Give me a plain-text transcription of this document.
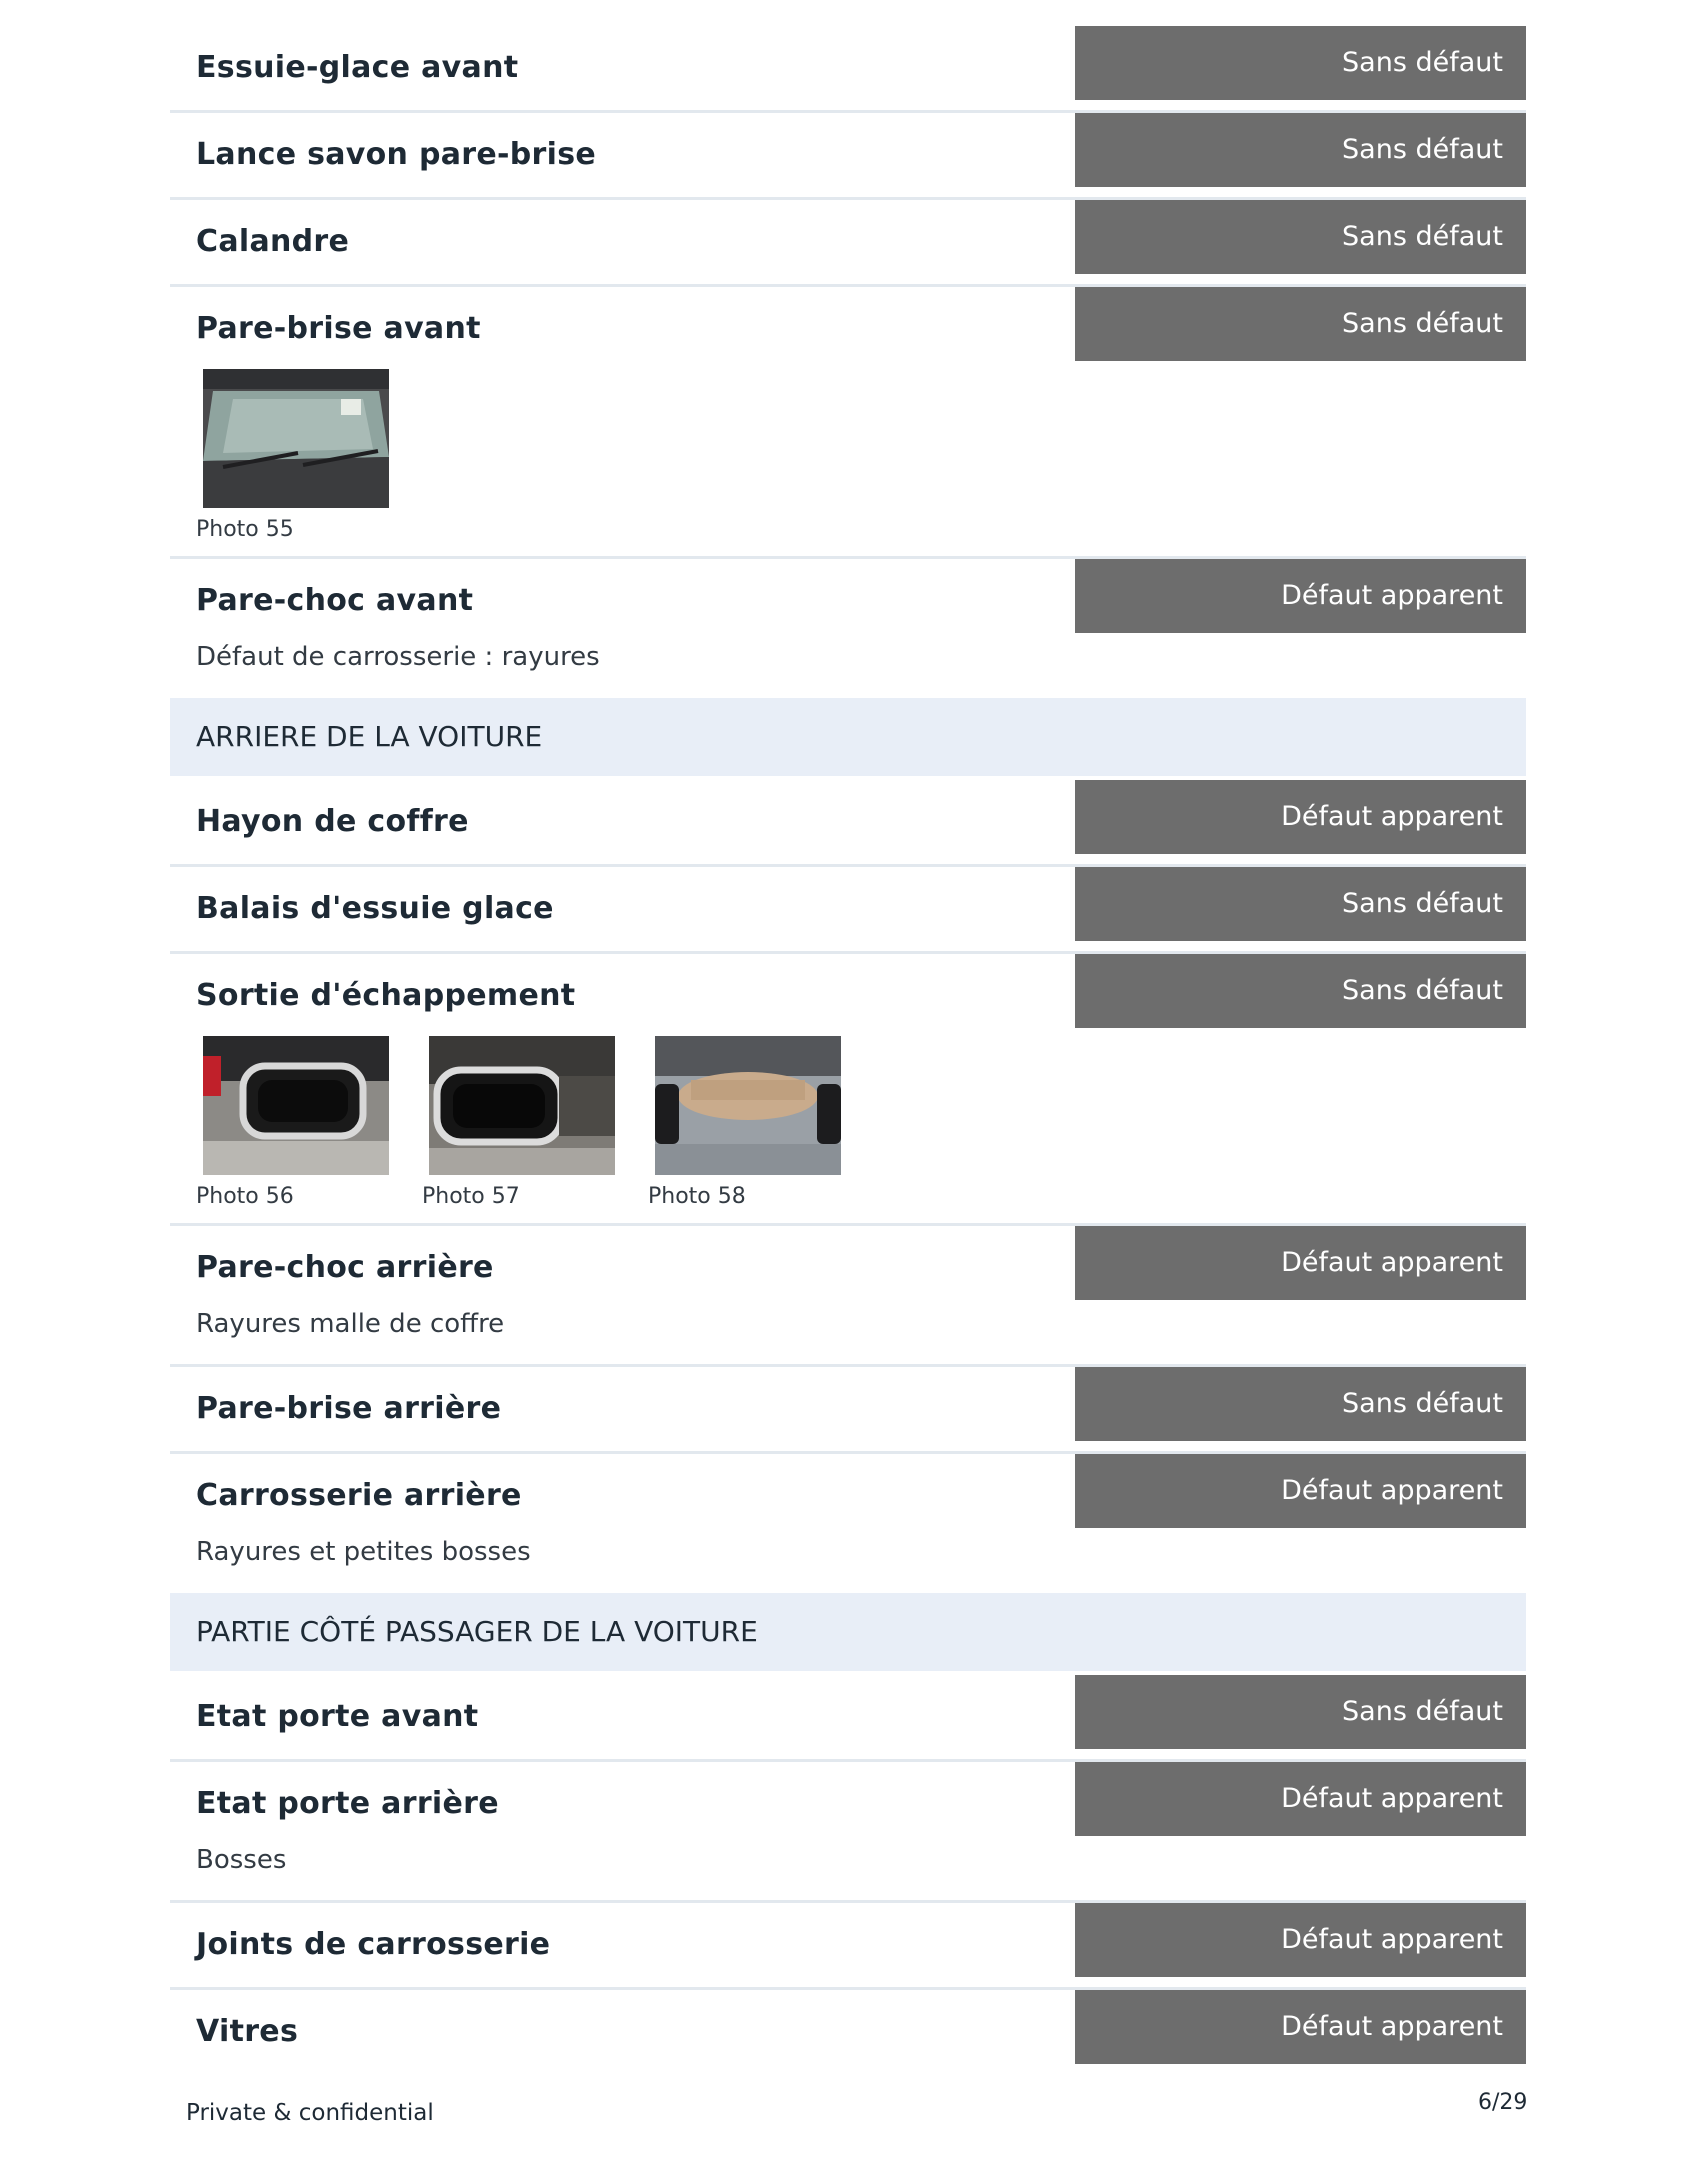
Essuie-glace avant	Sans défaut
Lance savon pare-brise	Sans défaut
Calandre	Sans défaut
Pare-brise avant	Sans défaut
Photo 55
Pare-choc avant	Défaut apparent
Défaut de carrosserie : rayures
ARRIERE DE LA VOITURE
Hayon de coffre	Défaut apparent
Balais d'essuie glace	Sans défaut
Sortie d'échappement	Sans défaut
Photo 56	Photo 57	Photo 58
Pare-choc arrière	Défaut apparent
Rayures malle de coffre
Pare-brise arrière	Sans défaut
Carrosserie arrière	Défaut apparent
Rayures et petites bosses
PARTIE CÔTÉ PASSAGER DE LA VOITURE
Etat porte avant	Sans défaut
Etat porte arrière	Défaut apparent
Bosses
Joints de carrosserie	Défaut apparent
Vitres	Défaut apparent
Private & confidential	6/29
